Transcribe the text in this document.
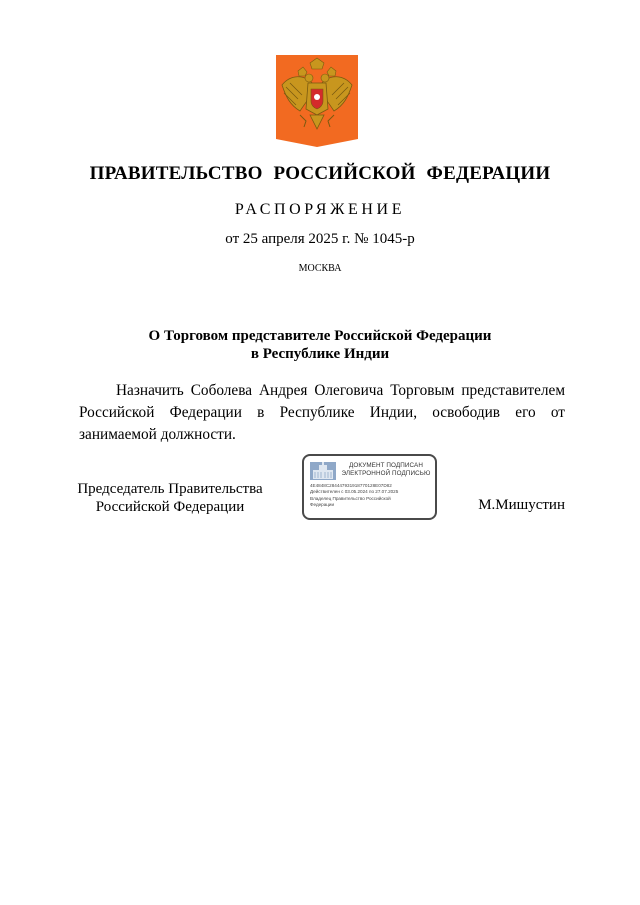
ПРАВИТЕЛЬСТВО РОССИЙСКОЙ ФЕДЕРАЦИИ
РАСПОРЯЖЕНИЕ
от 25 апреля 2025 г. № 1045-р
МОСКВА
О Торговом представителе Российской Федерации
в Республике Индии
Назначить Соболева Андрея Олеговича Торговым представителем Российской Федерации в Республике Индии, освободив его от занимаемой должности.
Председатель Правительства
Российской Федерации
ДОКУМЕНТ ПОДПИСАН
ЭЛЕКТРОННОЙ ПОДПИСЬЮ
4E4848C284447931918770128E07D82
Действителен с 03.05.2024 по 27.07.2025
Владелец Правительство Российской
Федерации	М.Мишустин
